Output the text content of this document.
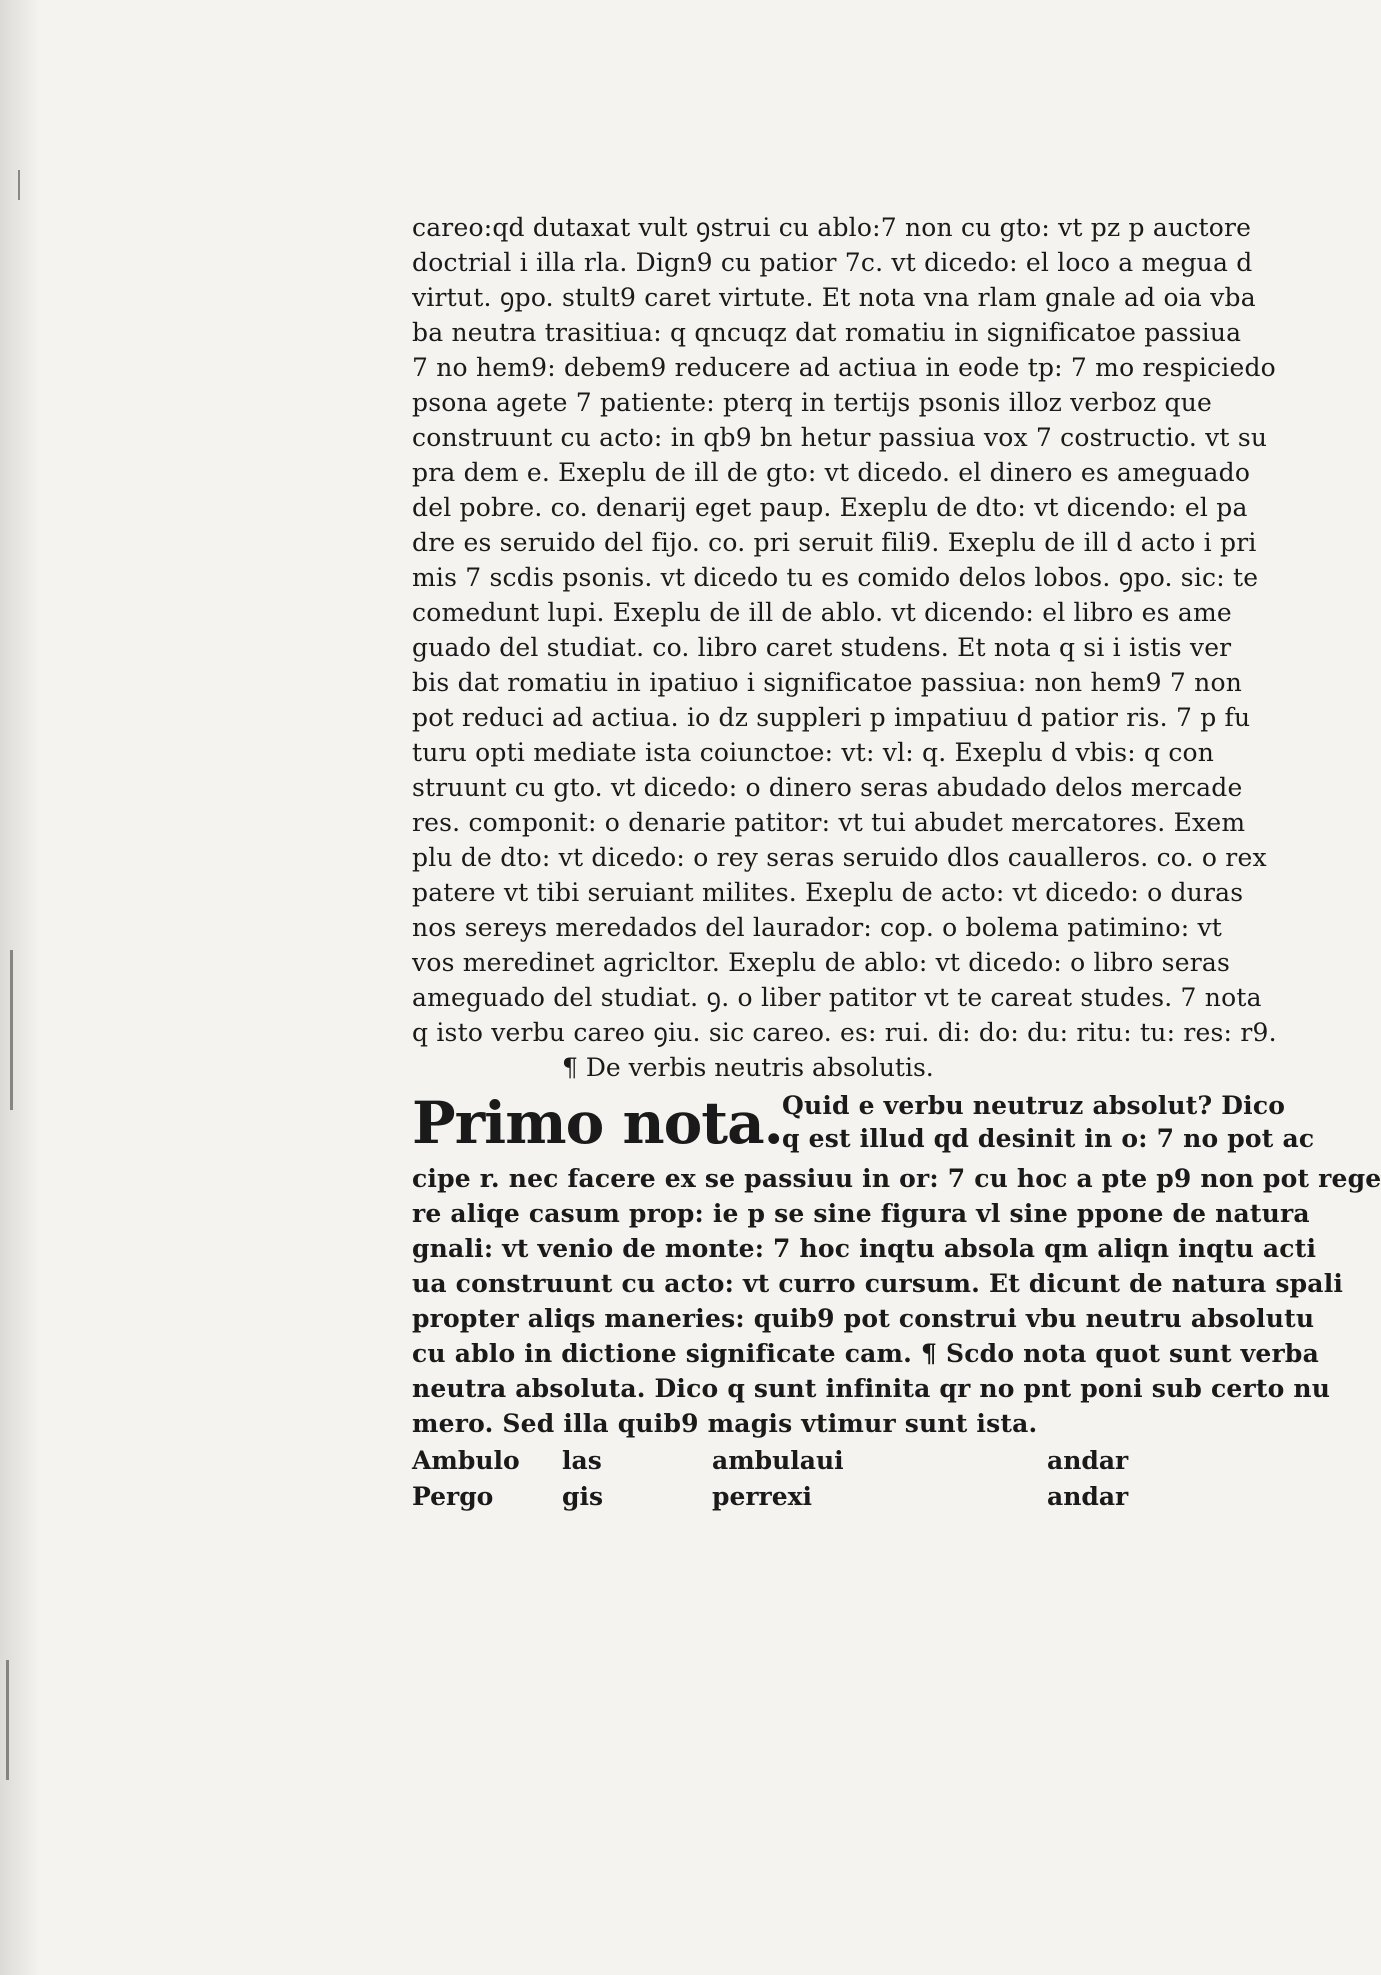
careo:qd dutaxat vult ꝯstrui cu ablo:7 non cu gto: vt pz p auctore
doctrial i illa rla. Dign9 cu patior 7c. vt dicedo: el loco a megua d
virtut. ꝯpo. stult9 caret virtute. Et nota vna rlam gnale ad oia vba
ba neutra trasitiua: q qncuqz dat romatiu in significatoe passiua
7 no hem9: debem9 reducere ad actiua in eode tp: 7 mo respiciedo
psona agete 7 patiente: pterq in tertijs psonis illoz verboz que
construunt cu acto: in qb9 bn hetur passiua vox 7 costructio. vt su
pra dem e. Exeplu de ill de gto: vt dicedo. el dinero es ameguado
del pobre. co. denarij eget paup. Exeplu de dto: vt dicendo: el pa
dre es seruido del fijo. co. pri seruit fili9. Exeplu de ill d acto i pri
mis 7 scdis psonis. vt dicedo tu es comido delos lobos. ꝯpo. sic: te
comedunt lupi. Exeplu de ill de ablo. vt dicendo: el libro es ame
guado del studiat. co. libro caret studens. Et nota q si i istis ver
bis dat romatiu in ipatiuo i significatoe passiua: non hem9 7 non
pot reduci ad actiua. io dz suppleri p impatiuu d patior ris. 7 p fu
turu opti mediate ista coiunctoe: vt: vl: q. Exeplu d vbis: q con
struunt cu gto. vt dicedo: o dinero seras abudado delos mercade
res. componit: o denarie patitor: vt tui abudet mercatores. Exem
plu de dto: vt dicedo: o rey seras seruido dlos caualleros. co. o rex
patere vt tibi seruiant milites. Exeplu de acto: vt dicedo: o duras
nos sereys meredados del laurador: cop. o bolema patimino: vt
vos meredinet agricltor. Exeplu de ablo: vt dicedo: o libro seras
ameguado del studiat. ꝯ. o liber patitor vt te careat studes. 7 nota
q isto verbu careo ꝯiu. sic careo. es: rui. di: do: du: ritu: tu: res: r9.
¶ De verbis neutris absolutis.
Primo nota. Quid e verbu neutruz absolut? Dico
q est illud qd desinit in o: 7 no pot ac
cipe r. nec facere ex se passiuu in or: 7 cu hoc a pte p9 non pot rege
re aliqe casum prop: ie p se sine figura vl sine ppone de natura
gnali: vt venio de monte: 7 hoc inqtu absola qm aliqn inqtu acti
ua construunt cu acto: vt curro cursum. Et dicunt de natura spali
propter aliqs maneries: quib9 pot construi vbu neutru absolutu
cu ablo in dictione significate cam. ¶ Scdo nota quot sunt verba
neutra absoluta. Dico q sunt infinita qr no pnt poni sub certo nu
mero. Sed illa quib9 magis vtimur sunt ista.
Ambulo	las	ambulaui	andar
Pergo	gis	perrexi	andar
